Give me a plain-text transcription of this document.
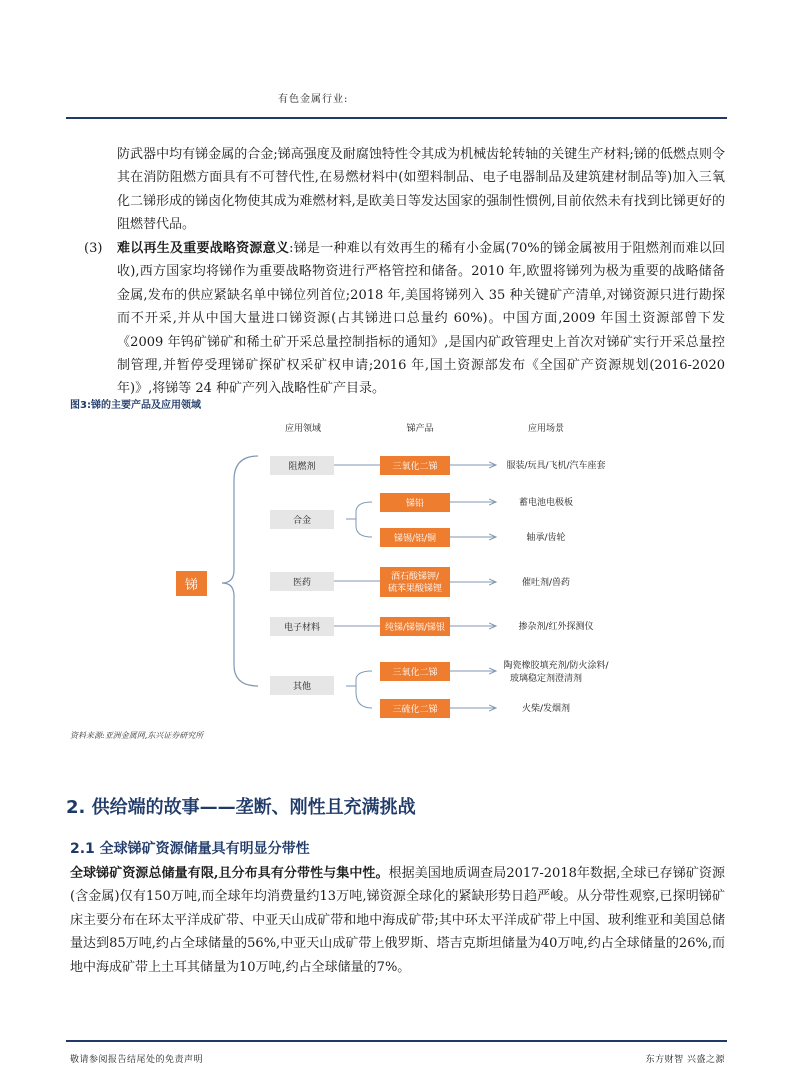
有色金属行业:
防武器中均有锑金属的合金;锑高强度及耐腐蚀特性令其成为机械齿轮转轴的关键生产材料;锑的低燃点则令其在消防阻燃方面具有不可替代性,在易燃材料中(如塑料制品、电子电器制品及建筑建材制品等)加入三氧化二锑形成的锑卤化物使其成为难燃材料,是欧美日等发达国家的强制性惯例,目前依然未有找到比锑更好的阻燃替代品。
(3) 难以再生及重要战略资源意义:锑是一种难以有效再生的稀有小金属(70%的锑金属被用于阻燃剂而难以回收),西方国家均将锑作为重要战略物资进行严格管控和储备。2010 年,欧盟将锑列为极为重要的战略储备金属,发布的供应紧缺名单中锑位列首位;2018 年,美国将锑列入 35 种关键矿产清单,对锑资源只进行勘探而不开采,并从中国大量进口锑资源(占其锑进口总量约 60%)。中国方面,2009 年国土资源部曾下发《2009 年钨矿锑矿和稀土矿开采总量控制指标的通知》,是国内矿政管理史上首次对锑矿实行开采总量控制管理,并暂停受理锑矿探矿权采矿权申请;2016 年,国土资源部发布《全国矿产资源规划(2016-2020 年)》,将锑等 24 种矿产列入战略性矿产目录。
图3:锑的主要产品及应用领域
应用领域	锑产品	应用场景
锑
阻燃剂
合金
医药
电子材料
其他
三氧化二锑
锑铅
锑锡/铝/铜
酒石酸锑钾/
硫苯果酸锑锂
纯锑/锑铟/锑银
三氧化二锑
三硫化二锑
服装/玩具/飞机/汽车座套
蓄电池电极板
轴承/齿轮
催吐剂/兽药
掺杂剂/红外探测仪
陶瓷橡胶填充剂/防火涂料/
玻璃稳定剂澄清剂
火柴/发烟剂
资料来源:亚洲金属网,东兴证券研究所
2. 供给端的故事——垄断、刚性且充满挑战
2.1 全球锑矿资源储量具有明显分带性
全球锑矿资源总储量有限,且分布具有分带性与集中性。根据美国地质调查局2017-2018年数据,全球已存锑矿资源(含金属)仅有150万吨,而全球年均消费量约13万吨,锑资源全球化的紧缺形势日趋严峻。从分带性观察,已探明锑矿床主要分布在环太平洋成矿带、中亚天山成矿带和地中海成矿带;其中环太平洋成矿带上中国、玻利维亚和美国总储量达到85万吨,约占全球储量的56%,中亚天山成矿带上俄罗斯、塔吉克斯坦储量为40万吨,约占全球储量的26%,而地中海成矿带上土耳其储量为10万吨,约占全球储量的7%。
敬请参阅报告结尾处的免责声明	东方财智 兴盛之源
